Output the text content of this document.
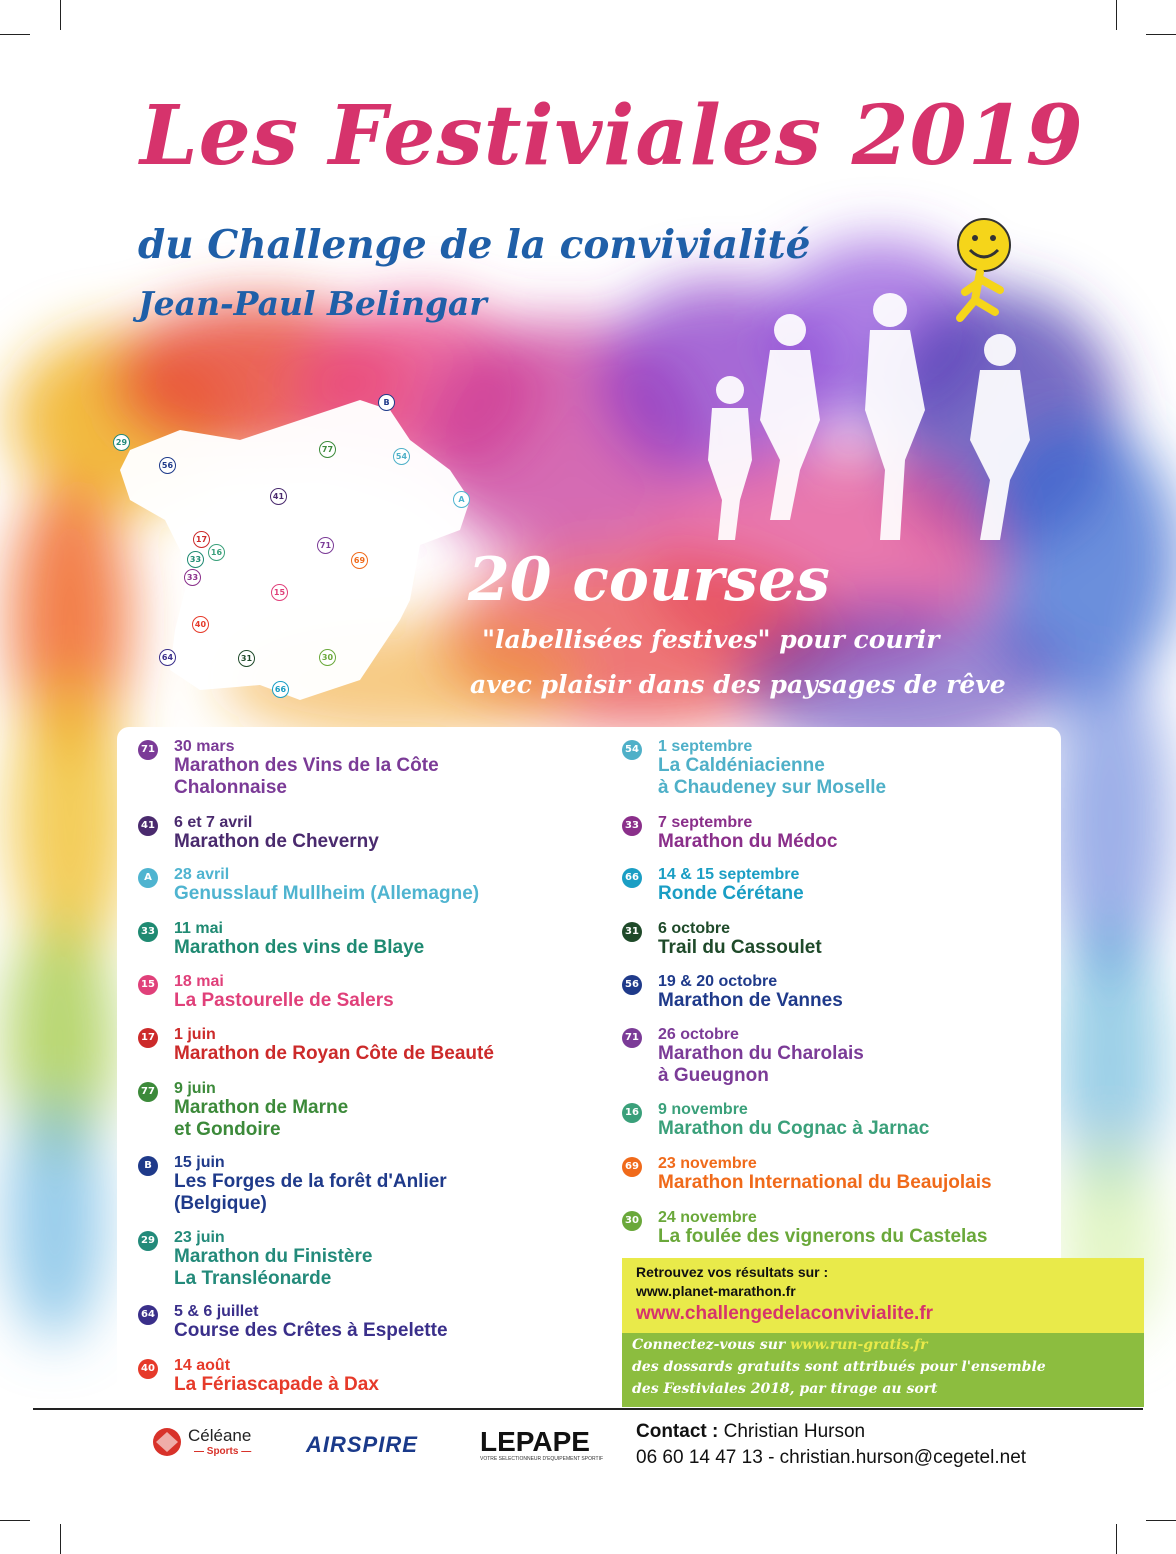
B
29
77
54
56
41	A
17
16
33
71
69
33
15
40
64	31	30
66
Les Festiviales 2019
du Challenge de la convivialité
Jean-Paul Belingar
20 courses
"labellisées festives" pour courir
avec plaisir dans des paysages de rêve
71 30 mars
Marathon des Vins de la Côte
Chalonnaise
41 6 et 7 avril
Marathon de Cheverny
A	28 avril
Genusslauf Mullheim (Allemagne)
33 11 mai
Marathon des vins de Blaye
15 18 mai
La Pastourelle de Salers
17 1 juin
Marathon de Royan Côte de Beauté
77 9 juin
Marathon de Marne
et Gondoire
B	15 juin
Les Forges de la forêt d'Anlier
(Belgique)
29 23 juin
Marathon du Finistère
La Transléonarde
64 5 & 6 juillet
Course des Crêtes à Espelette
40 14 août
La Fériascapade à Dax
54 1 septembre
La Caldéniacienne
à Chaudeney sur Moselle
33 7 septembre
Marathon du Médoc
66 14 & 15 septembre
Ronde Cérétane
31 6 octobre
Trail du Cassoulet
56 19 & 20 octobre
Marathon de Vannes
71 26 octobre
Marathon du Charolais
à Gueugnon
16 9 novembre
Marathon du Cognac à Jarnac
69 23 novembre
Marathon International du Beaujolais
30 24 novembre
La foulée des vignerons du Castelas
Retrouvez vos résultats sur :
www.planet-marathon.fr
www.challengedelaconvivialite.fr
Connectez-vous sur www.run-gratis.fr
des dossards gratuits sont attribués pour l'ensemble
des Festiviales 2018, par tirage au sort
Céléane
— Sports — AIRSPIRE LEPAPE
VOTRE SELECTIONNEUR D'EQUIPEMENT SPORTIF
Contact : Christian Hurson
06 60 14 47 13 - christian.hurson@cegetel.net
